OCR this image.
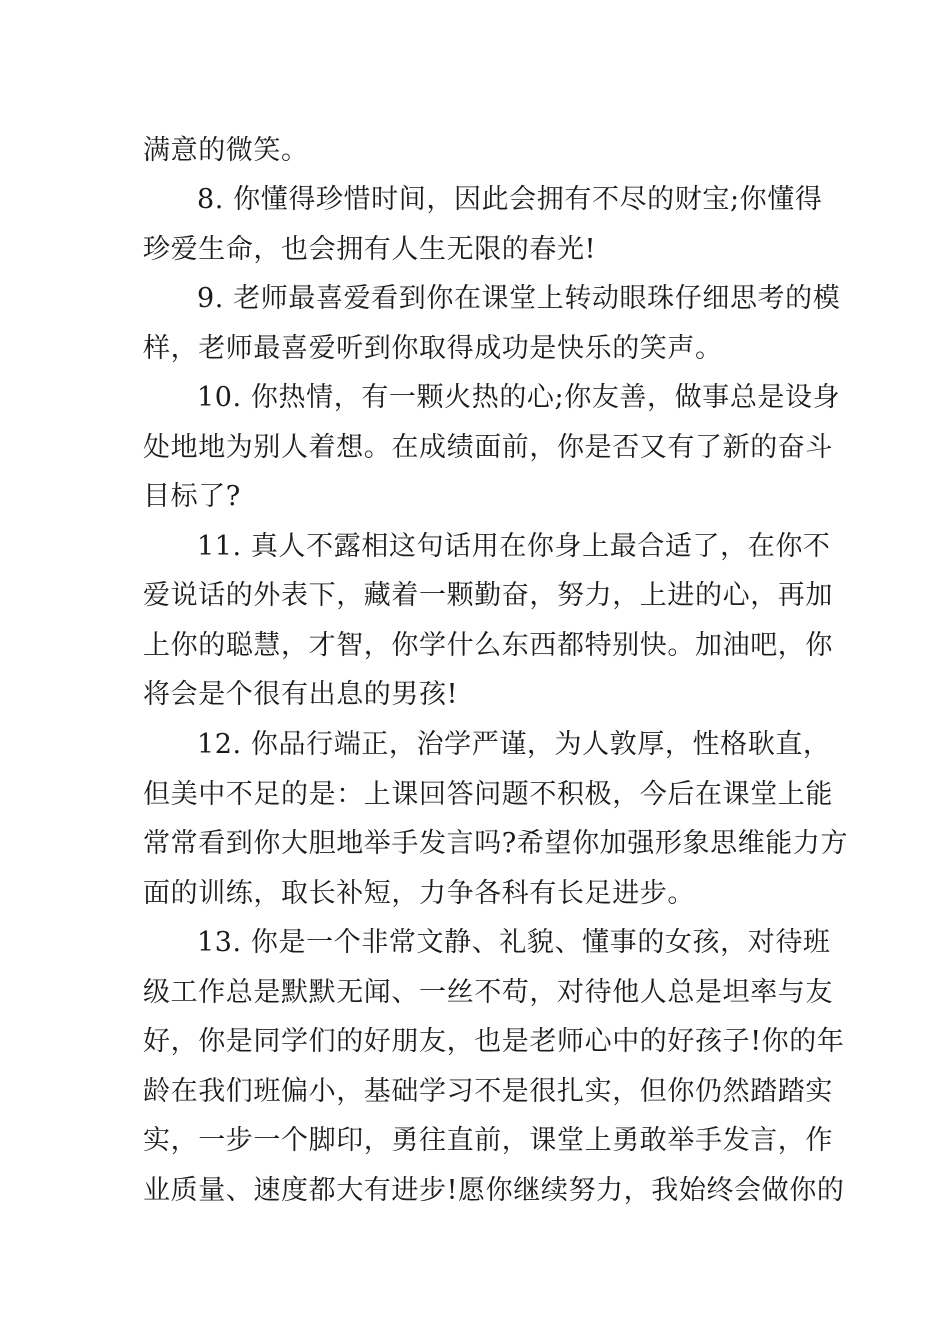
满意的微笑。
8. 你懂得珍惜时间，因此会拥有不尽的财宝;你懂得
珍爱生命，也会拥有人生无限的春光!
9. 老师最喜爱看到你在课堂上转动眼珠仔细思考的模
样，老师最喜爱听到你取得成功是快乐的笑声。
10. 你热情，有一颗火热的心;你友善，做事总是设身
处地地为别人着想。在成绩面前，你是否又有了新的奋斗
目标了?
11. 真人不露相这句话用在你身上最合适了，在你不
爱说话的外表下，藏着一颗勤奋，努力，上进的心，再加
上你的聪慧，才智，你学什么东西都特别快。加油吧，你
将会是个很有出息的男孩!
12. 你品行端正，治学严谨，为人敦厚，性格耿直，
但美中不足的是：上课回答问题不积极，今后在课堂上能
常常看到你大胆地举手发言吗?希望你加强形象思维能力方
面的训练，取长补短，力争各科有长足进步。
13. 你是一个非常文静、礼貌、懂事的女孩，对待班
级工作总是默默无闻、一丝不苟，对待他人总是坦率与友
好，你是同学们的好朋友，也是老师心中的好孩子!你的年
龄在我们班偏小，基础学习不是很扎实，但你仍然踏踏实
实，一步一个脚印，勇往直前，课堂上勇敢举手发言，作
业质量、速度都大有进步!愿你继续努力，我始终会做你的
